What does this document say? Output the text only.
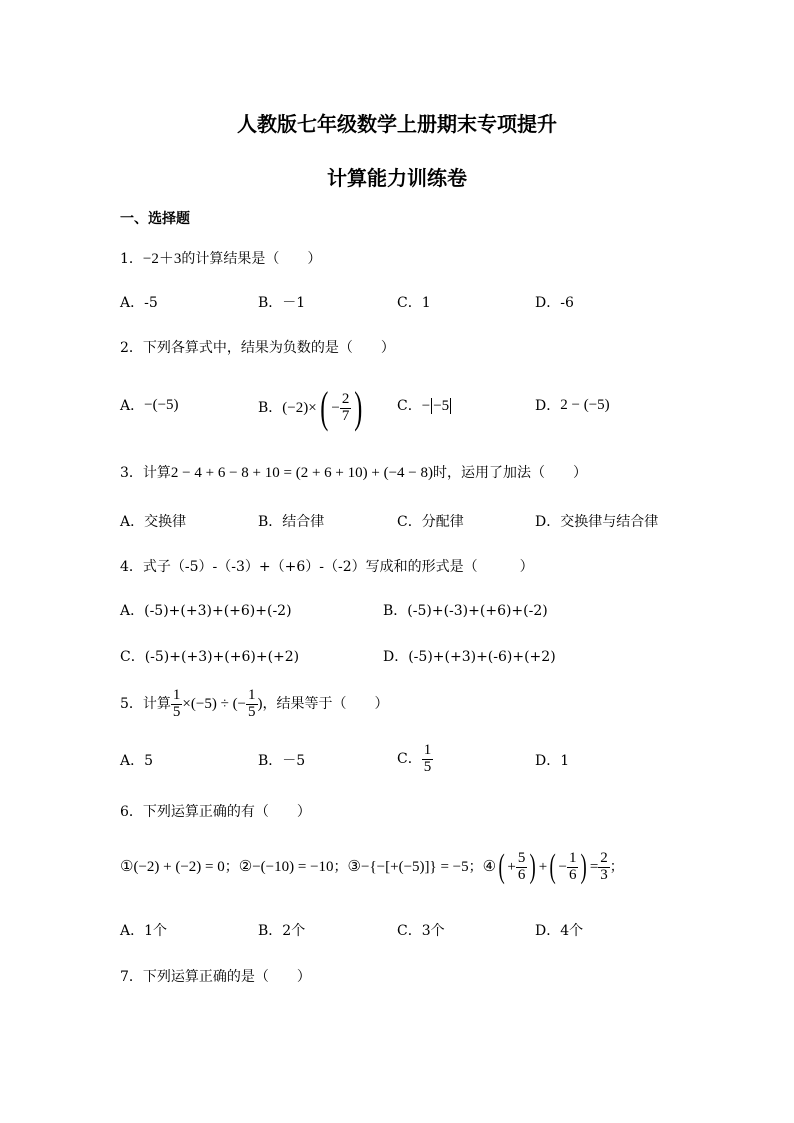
人教版七年级数学上册期末专项提升
计算能力训练卷
一、选择题
1．−2＋3的计算结果是（　　）
A．-5	B．－1	C．1	D．-6
2．下列各算式中，结果为负数的是（　　）
A． −(−5)	B． (−2)× ( − $\frac{2}{7}$ ) C． − −5	D． 2 − (−5)
3．计算2 − 4 + 6 − 8 + 10 = (2 + 6 + 10) + (−4 − 8)时，运用了加法（　　）
A．交换律	B．结合律	C．分配律	D．交换律与结合律
4．式子（-5）-（-3）+（+6）-（-2）写成和的形式是（　　　）
A．(-5)+(+3)+(+6)+(-2)	B．(-5)+(-3)+(+6)+(-2)
C．(-5)+(+3)+(+6)+(+2)	D．(-5)+(+3)+(-6)+(+2)
5．计算 $\frac{1}{5} \times(-5)$ ÷ (− $\frac{1}{5}$ ) ，结果等于（　　）
A．5	B．－5	C． $\frac{1}{5}$	D．1
6．下列运算正确的有（　　）
①(−2) + (−2) = 0 ； ②−(−10) = −10 ； ③−{−[+(−5)]} = −5 ； ④ ( + $\frac{5}{6}$ ) + ( − $\frac{1}{6}$ ) = $\frac{2}{3}$ ；
A．1个	B．2个	C．3个	D．4个
7．下列运算正确的是（　　）
